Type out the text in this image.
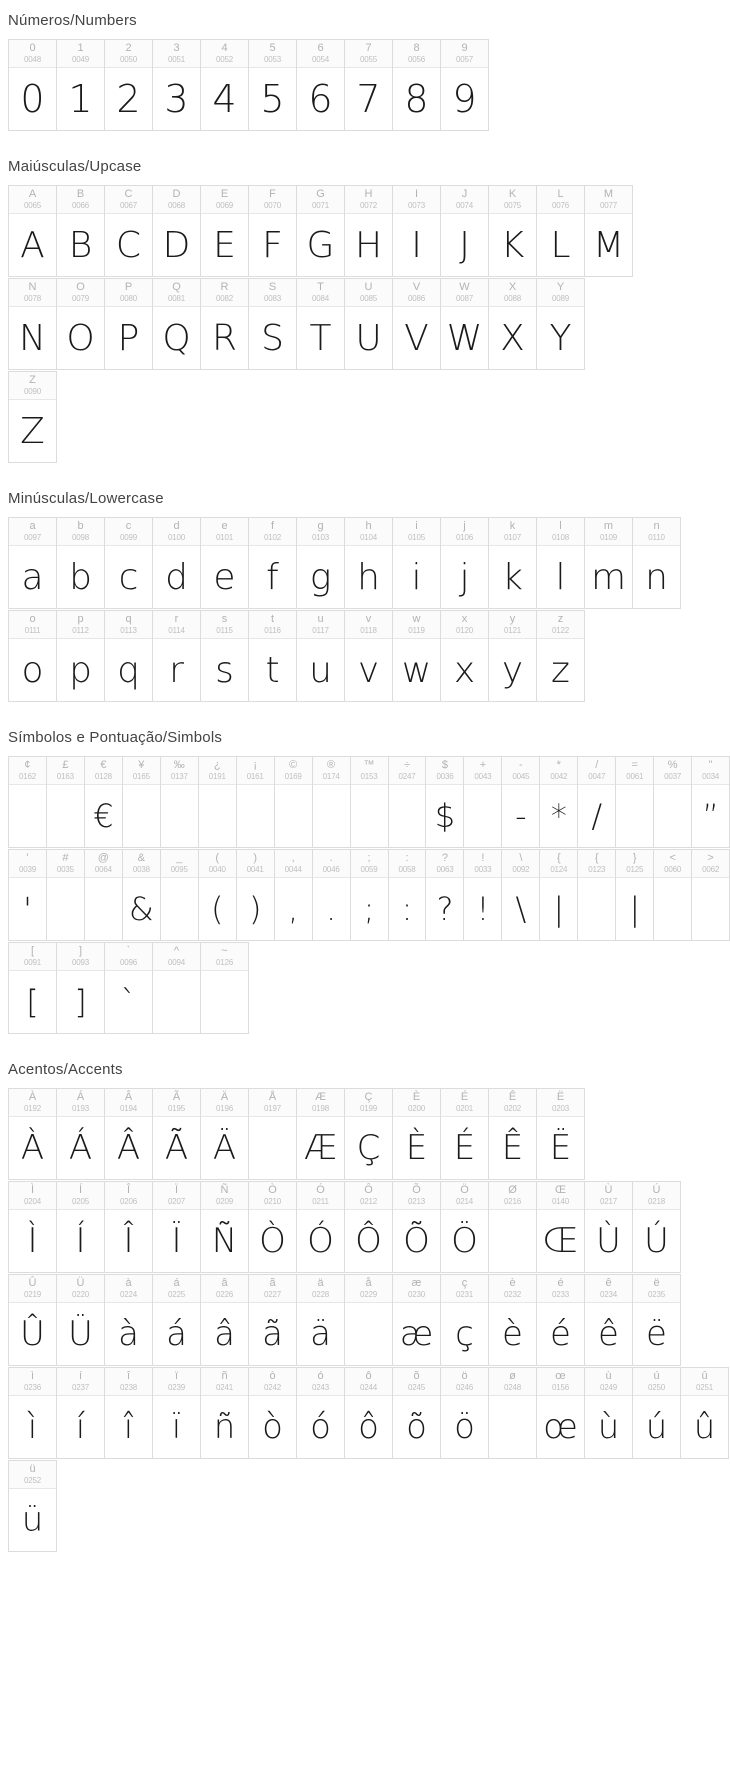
Números/Numbers
0
0048
0
1
0049
1
2
0050
2
3
0051
3
4
0052
4
5
0053
5
6
0054
6
7
0055
7
8
0056
8
9
0057
9
Maiúsculas/Upcase
A
0065
A
B
0066
B
C
0067
C
D
0068
D
E
0069
E
F
0070
F
G
0071
G
H
0072
H
I
0073
I
J
0074
J
K
0075
K
L
0076
L
M
0077
M
N
0078
N
O
0079
O
P
0080
P
Q
0081
Q
R
0082
R
S
0083
S
T
0084
T
U
0085
U
V
0086
V
W
0087
W
X
0088
X
Y
0089
Y
Z
0090
Z
Minúsculas/Lowercase
a
0097
a
b
0098
b
c
0099
c
d
0100
d
e
0101
e
f
0102
f
g
0103
g
h
0104
h
i
0105
i
j
0106
j
k
0107
k
l
0108
l
m
0109
m
n
0110
n
o
0111
o
p
0112
p
q
0113
q
r
0114
r
s
0115
s
t
0116
t
u
0117
u
v
0118
v
w
0119
w
x
0120
x
y
0121
y
z
0122
z
Símbolos e Pontuação/Simbols
¢
0162
£
0163
€
0128
€
¥
0165
‰
0137
¿
0191
¡
0161
©
0169
®
0174
™
0153
÷
0247
$
0036
$
+
0043
-
0045
-
*
0042
*
/
0047
/
=
0061
%
0037
"
0034
”
'
0039
'
#
0035
@
0064
&
0038
&
_
0095
(
0040
(
)
0041
)
,
0044
,
.
0046
.
;
0059
;
:
0058
:
?
0063
?
!
0033
!
\
0092
\
{
0124
|
{
0123
}
0125
|
<
0060
>
0062
[
0091
[
]
0093
]
`
0096
`
^
0094
~
0126
Acentos/Accents
À
0192
À
Á
0193
Á
Â
0194
Â
Ã
0195
Ã
Ä
0196
Ä
Å
0197
Æ
0198
Æ
Ç
0199
Ç
È
0200
È
É
0201
É
Ê
0202
Ê
Ë
0203
Ë
Ì
0204
Ì
Í
0205
Í
Î
0206
Î
Ï
0207
Ï
Ñ
0209
Ñ
Ò
0210
Ò
Ó
0211
Ó
Ô
0212
Ô
Õ
0213
Õ
Ö
0214
Ö
Ø
0216
Œ
0140
Œ
Ù
0217
Ù
Ú
0218
Ú
Û
0219
Û
Ü
0220
Ü
à
0224
à
á
0225
á
â
0226
â
ã
0227
ã
ä
0228
ä
å
0229
æ
0230
æ
ç
0231
ç
è
0232
è
é
0233
é
ê
0234
ê
ë
0235
ë
ì
0236
ì
í
0237
í
î
0238
î
ï
0239
ï
ñ
0241
ñ
ò
0242
ò
ó
0243
ó
ô
0244
ô
õ
0245
õ
ö
0246
ö
ø
0248
œ
0156
œ
ù
0249
ù
ú
0250
ú
û
0251
û
ü
0252
ü
